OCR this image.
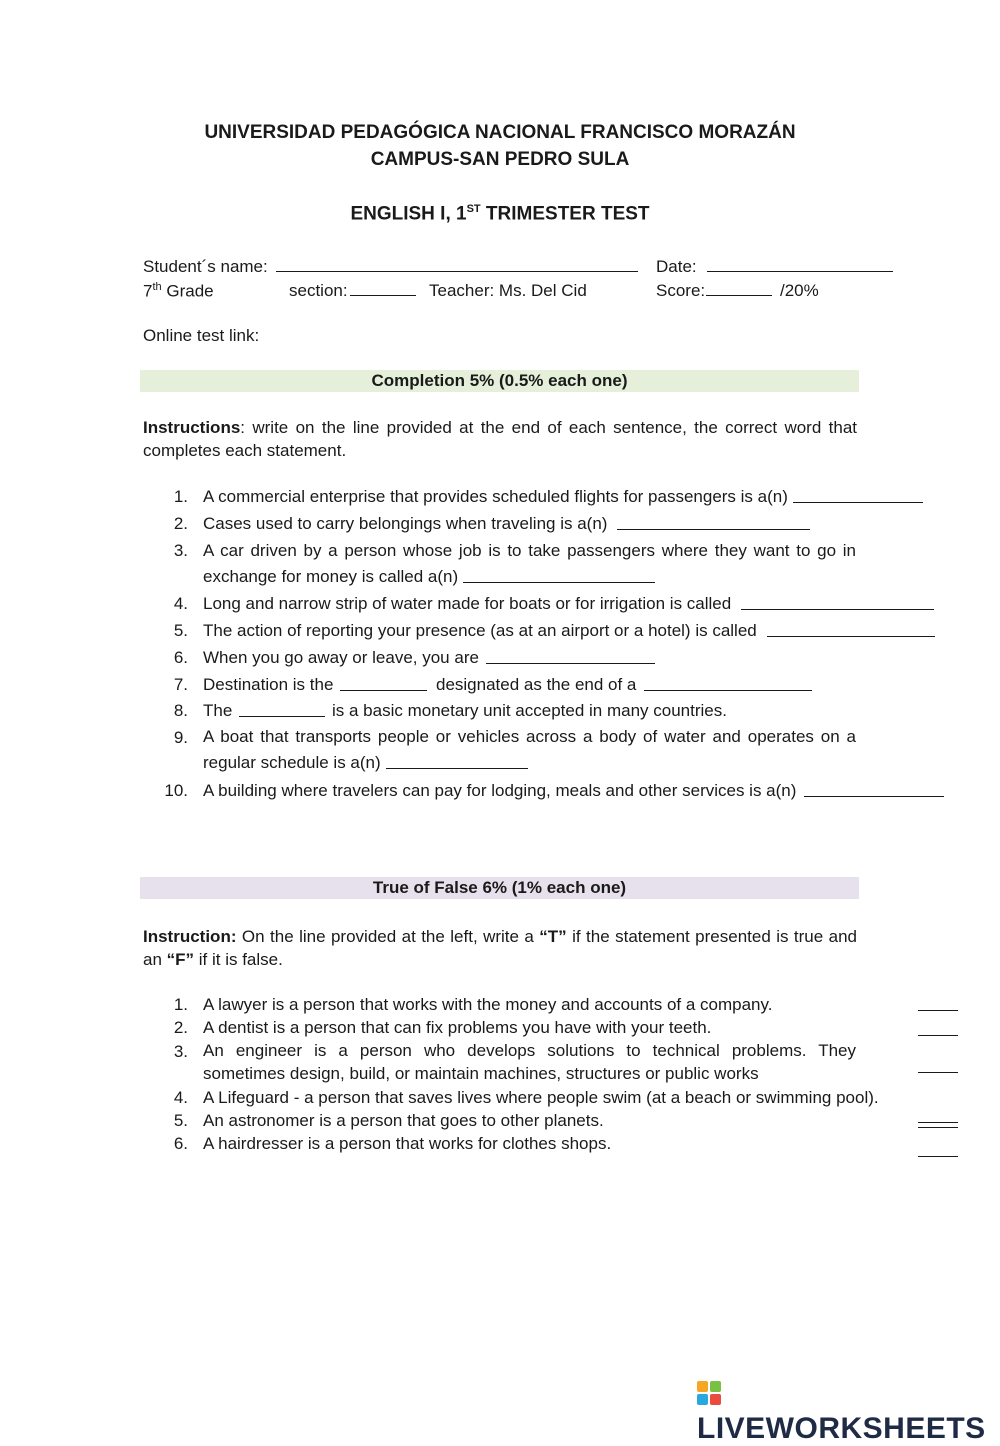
UNIVERSIDAD PEDAGÓGICA NACIONAL FRANCISCO MORAZÁN
CAMPUS-SAN PEDRO SULA
ENGLISH I, 1ST TRIMESTER TEST
Student´s name:	Date:
7th Grade	section:	Teacher: Ms. Del Cid	Score:	/20%
Online test link:
Completion 5% (0.5% each one)
Instructions: write on the line provided at the end of each sentence, the correct word that completes each statement.
1. A commercial enterprise that provides scheduled flights for passengers is a(n)
2. Cases used to carry belongings when traveling is a(n)
3. A car driven by a person whose job is to take passengers where they want to go in exchange for money is called a(n)
4. Long and narrow strip of water made for boats or for irrigation is called
5. The action of reporting your presence (as at an airport or a hotel) is called
6. When you go away or leave, you are
7. Destination is the	designated as the end of a
8. The	is a basic monetary unit accepted in many countries.
9. A boat that transports people or vehicles across a body of water and operates on a regular schedule is a(n)
10. A building where travelers can pay for lodging, meals and other services is a(n)
True of False 6% (1% each one)
Instruction: On the line provided at the left, write a “T” if the statement presented is true and an “F” if it is false.
1. A lawyer is a person that works with the money and accounts of a company.
2. A dentist is a person that can fix problems you have with your teeth.
3. An engineer is a person who develops solutions to technical problems. They sometimes design, build, or maintain machines, structures or public works
4. A Lifeguard - a person that saves lives where people swim (at a beach or swimming pool).
5. An astronomer is a person that goes to other planets.
6. A hairdresser is a person that works for clothes shops.
LIVEWORKSHEETS
